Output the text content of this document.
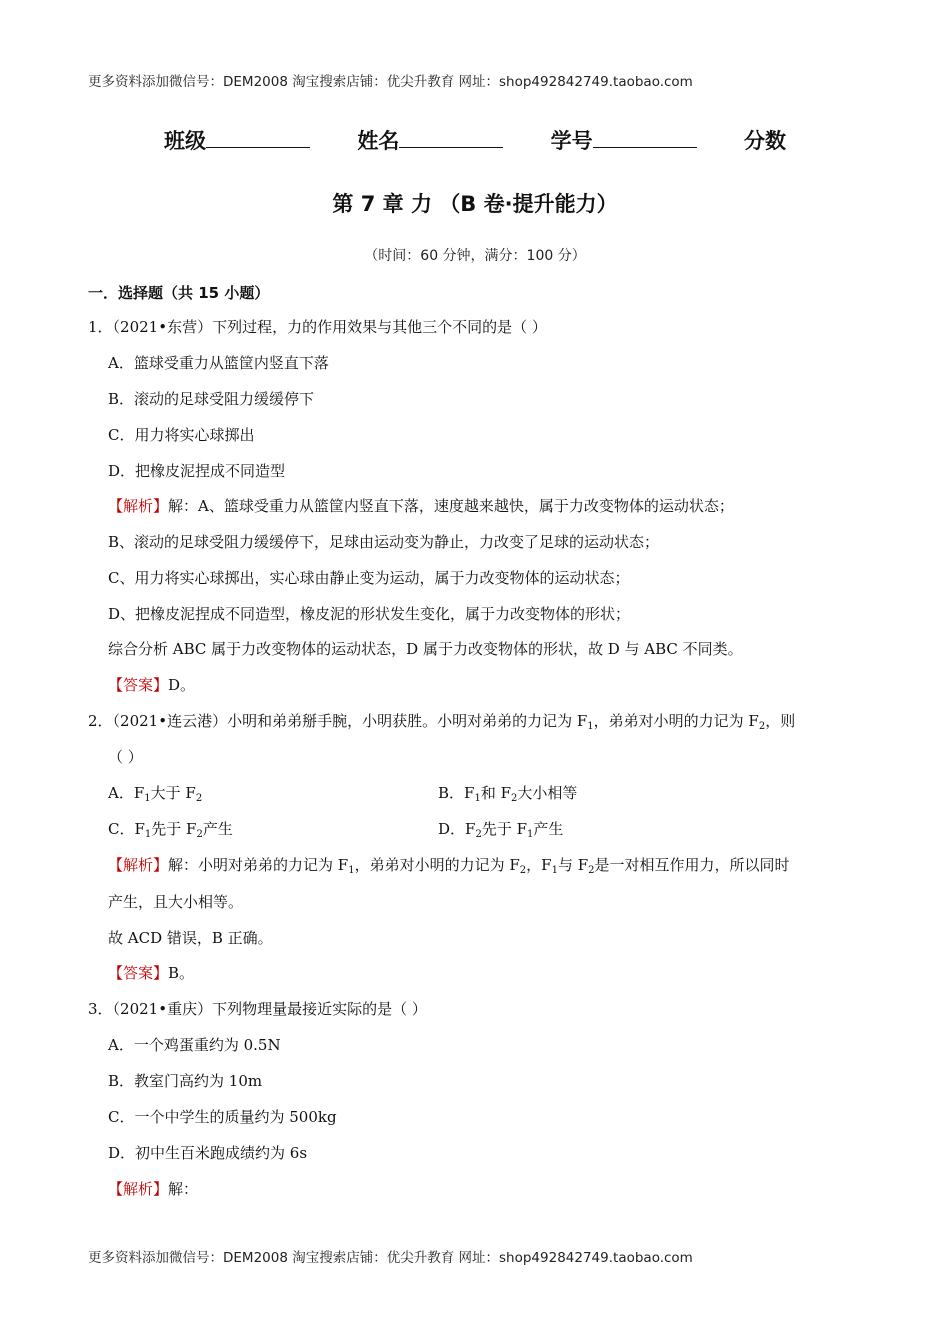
更多资料添加微信号：DEM2008 淘宝搜索店铺：优尖升教育 网址：shop492842749.taobao.com
班级	姓名	学号	分数
第 7 章 力 （B 卷·提升能力）
（时间：60 分钟，满分：100 分）
一．选择题（共 15 小题）
1．（2021•东营）下列过程，力的作用效果与其他三个不同的是（ ）
A．篮球受重力从篮筐内竖直下落
B．滚动的足球受阻力缓缓停下
C．用力将实心球掷出
D．把橡皮泥捏成不同造型
【解析】解：A、篮球受重力从篮筐内竖直下落，速度越来越快，属于力改变物体的运动状态；
B、滚动的足球受阻力缓缓停下，足球由运动变为静止，力改变了足球的运动状态；
C、用力将实心球掷出，实心球由静止变为运动，属于力改变物体的运动状态；
D、把橡皮泥捏成不同造型，橡皮泥的形状发生变化，属于力改变物体的形状；
综合分析 ABC 属于力改变物体的运动状态，D 属于力改变物体的形状，故 D 与 ABC 不同类。
【答案】D。
2．（2021•连云港）小明和弟弟掰手腕，小明获胜。小明对弟弟的力记为 $F_1$，弟弟对小明的力记为 $F_2$，则
（ ）
A．$F_1$大于 $F_2$	B．$F_1$和 $F_2$大小相等
C．$F_1$先于 $F_2$产生	D．$F_2$先于 $F_1$产生
【解析】解：小明对弟弟的力记为 $F_1$，弟弟对小明的力记为 $F_2$，$F_1$与 $F_2$是一对相互作用力，所以同时
产生，且大小相等。
故 ACD 错误，B 正确。
【答案】B。
3．（2021•重庆）下列物理量最接近实际的是（ ）
A．一个鸡蛋重约为 0.5N
B．教室门高约为 10m
C．一个中学生的质量约为 500kg
D．初中生百米跑成绩约为 6s
【解析】解：
更多资料添加微信号：DEM2008 淘宝搜索店铺：优尖升教育 网址：shop492842749.taobao.com
